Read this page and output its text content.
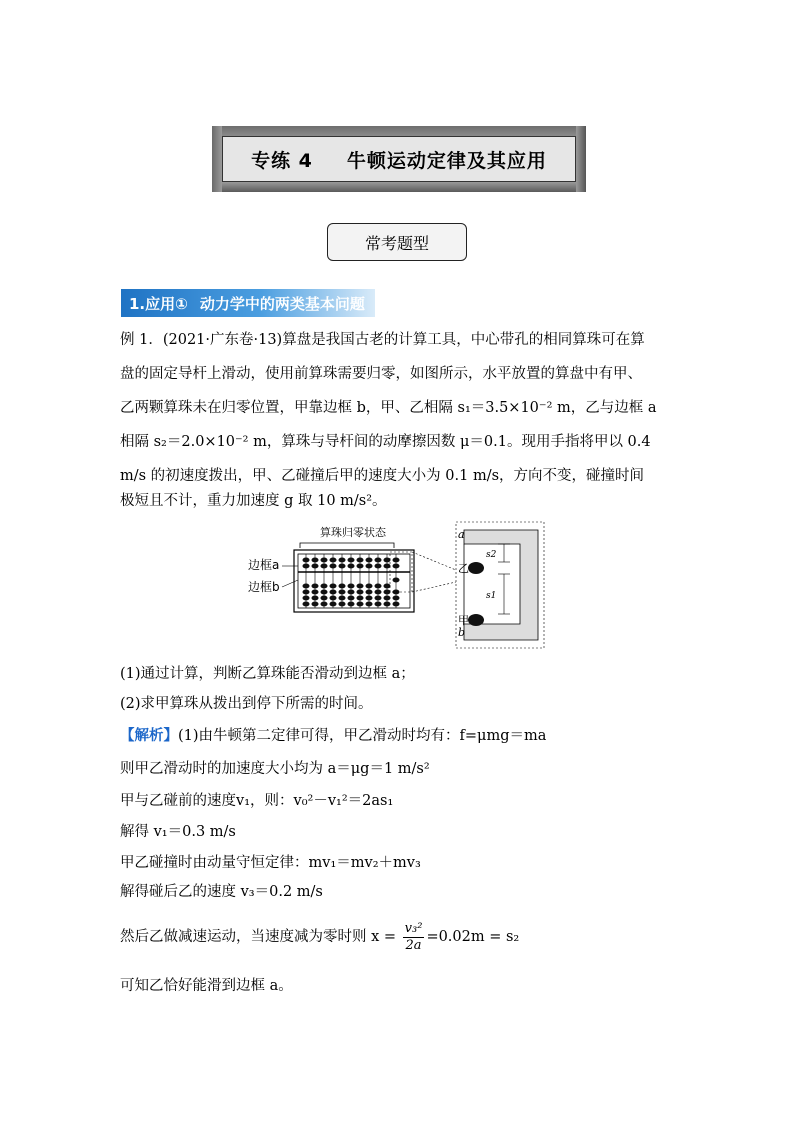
专练 4 牛顿运动定律及其应用
常考题型
1.应用① 动力学中的两类基本问题
例 1．(2021·广东卷·13)算盘是我国古老的计算工具，中心带孔的相同算珠可在算
盘的固定导杆上滑动，使用前算珠需要归零，如图所示，水平放置的算盘中有甲、
乙两颗算珠未在归零位置，甲靠边框 b，甲、乙相隔 s₁＝3.5×10⁻² m，乙与边框 a
相隔 s₂＝2.0×10⁻² m，算珠与导杆间的动摩擦因数 μ＝0.1。现用手指将甲以 0.4
m/s 的初速度拨出，甲、乙碰撞后甲的速度大小为 0.1 m/s，方向不变，碰撞时间
极短且不计，重力加速度 g 取 10 m/s²。
算珠归零状态
边框a
边框b
a
b
乙
甲
s2
s1
(1)通过计算，判断乙算珠能否滑动到边框 a；
(2)求甲算珠从拨出到停下所需的时间。
【解析】(1)由牛顿第二定律可得，甲乙滑动时均有：f=μmg＝ma
则甲乙滑动时的加速度大小均为 a＝μg＝1 m/s²
甲与乙碰前的速度v₁，则：v₀²－v₁²＝2as₁
解得 v₁＝0.3 m/s
甲乙碰撞时由动量守恒定律：mv₁＝mv₂＋mv₃
解得碰后乙的速度 v₃＝0.2 m/s
然后乙做减速运动，当速度减为零时则 $x = \frac{\text{v₃²}}{2a} =0.02m = s_2$
可知乙恰好能滑到边框 a。
